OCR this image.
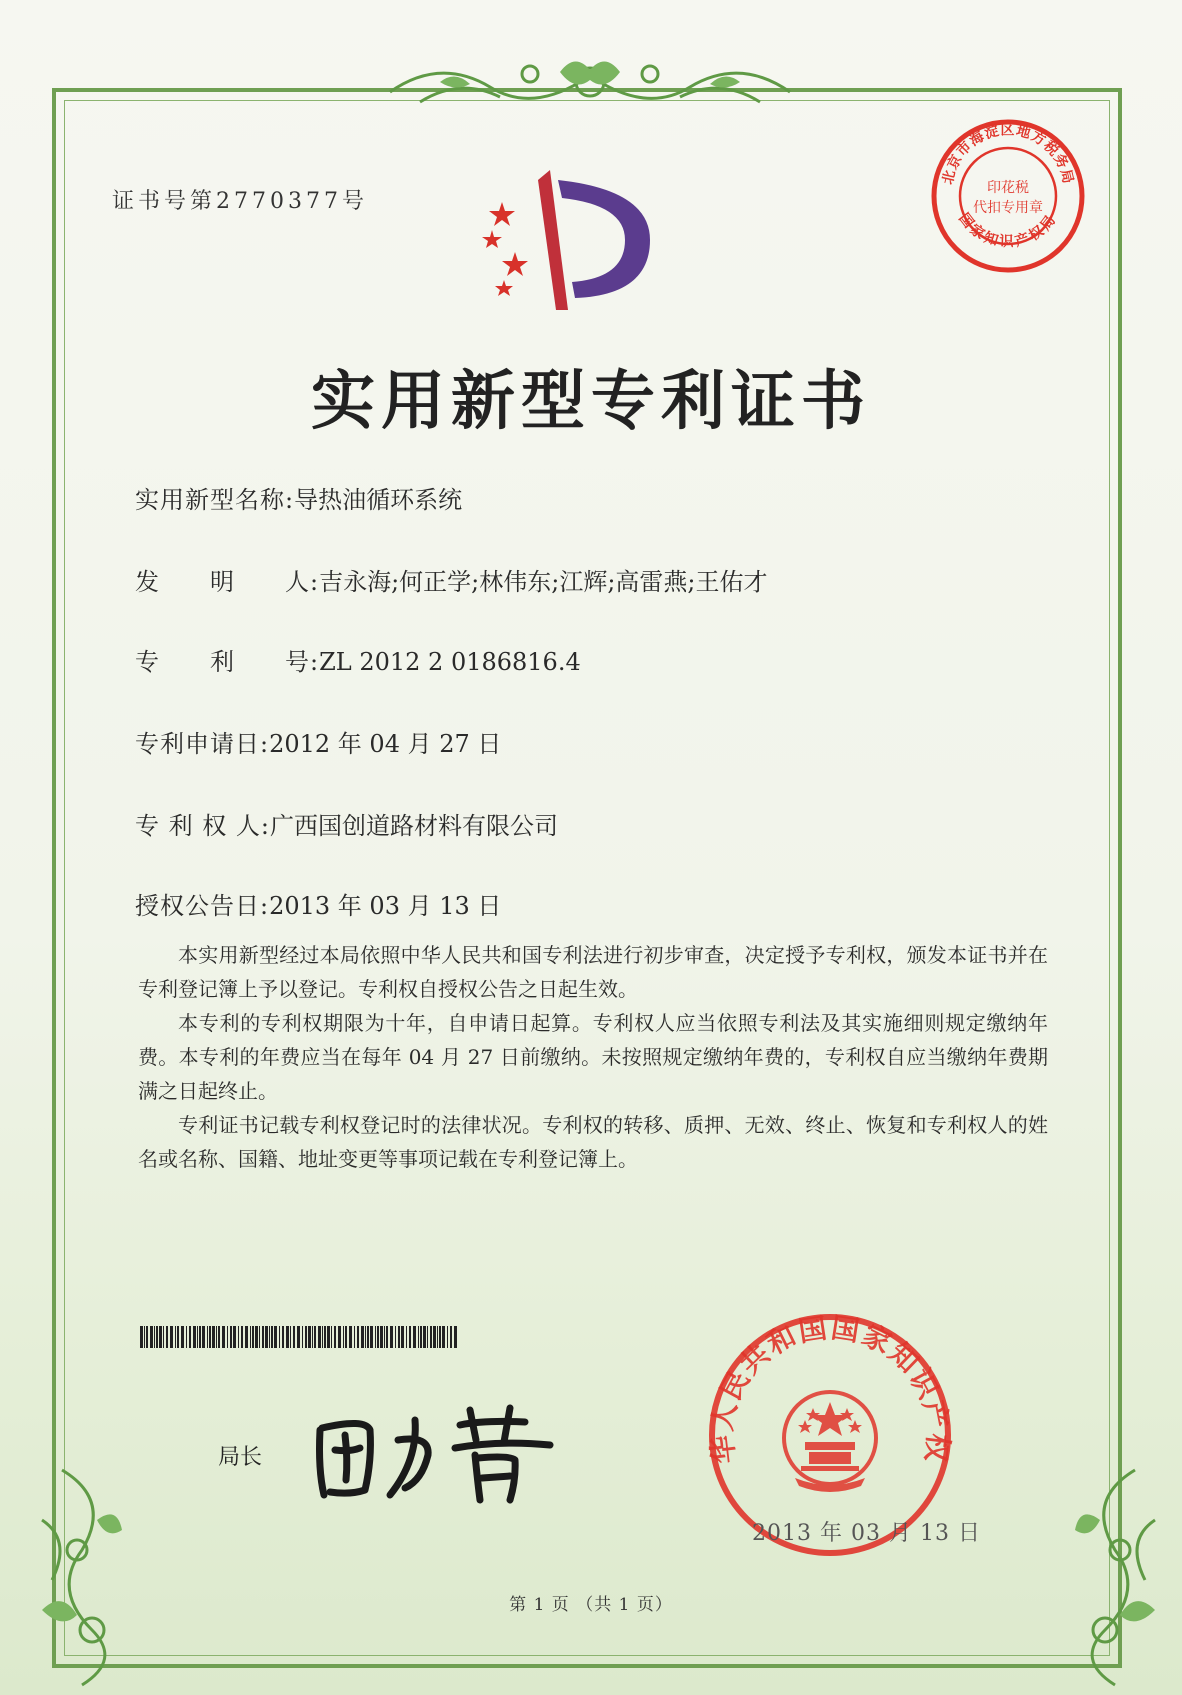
证书号第2770377号
实用新型专利证书
实用新型名称:导热油循环系统
发　　明　　人:吉永海;何正学;林伟东;江辉;高雷燕;王佑才
专　　利　　号:ZL 2012 2 0186816.4
专利申请日:2012 年 04 月 27 日
专 利 权 人:广西国创道路材料有限公司
授权公告日:2013 年 03 月 13 日

本实用新型经过本局依照中华人民共和国专利法进行初步审查，决定授予专利权，颁发本证书并在专利登记簿上予以登记。专利权自授权公告之日起生效。

本专利的专利权期限为十年，自申请日起算。专利权人应当依照专利法及其实施细则规定缴纳年费。本专利的年费应当在每年 04 月 27 日前缴纳。未按照规定缴纳年费的，专利权自应当缴纳年费期满之日起终止。

专利证书记载专利权登记时的法律状况。专利权的转移、质押、无效、终止、恢复和专利权人的姓名或名称、国籍、地址变更等事项记载在专利登记簿上。

局长
北京市海淀区地方税务局
国家知识产权局
印花税
代扣专用章
华人民共和国国家知识产权
2013 年 03 月 13 日
第 1 页 （共 1 页）
